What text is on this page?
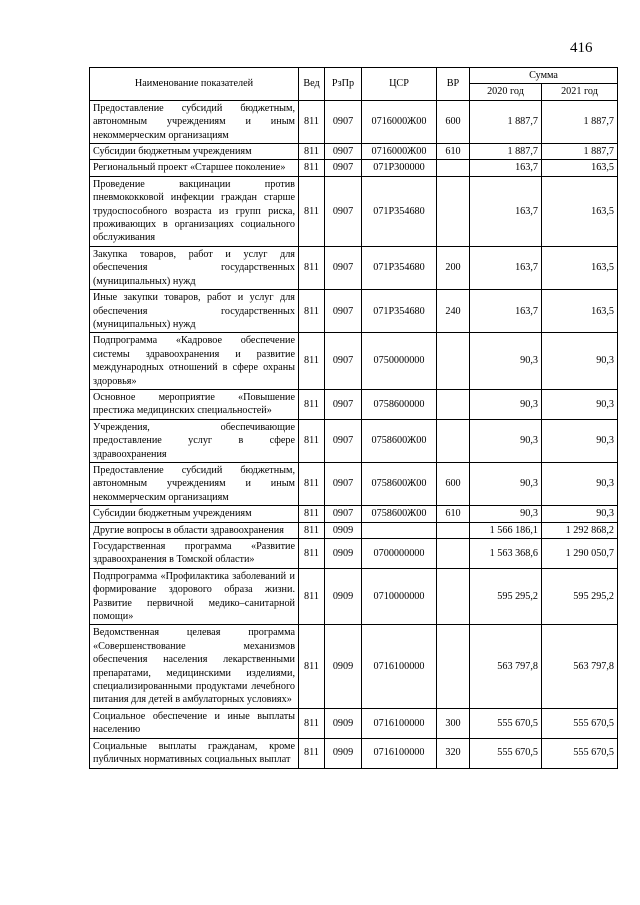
416
Наименование показателей	Вед	РзПр	ЦСР	ВР	Сумма	
					2020 год	2021 год
Предоставление субсидий бюджетным, автономным учреждениям и иным некоммерческим организациям	811	0907	0716000Ж00	600	1 887,7	1 887,7
Субсидии бюджетным учреждениям	811	0907	0716000Ж00	610	1 887,7	1 887,7
Региональный проект «Старшее поколение»	811	0907	071P300000		163,7	163,5
Проведение вакцинации против пневмококковой инфекции граждан старше трудоспособного возраста из групп риска, проживающих в организациях социального обслуживания	811	0907	071P354680		163,7	163,5
Закупка товаров, работ и услуг для обеспечения государственных (муниципальных) нужд	811	0907	071P354680	200	163,7	163,5
Иные закупки товаров, работ и услуг для обеспечения государственных (муниципальных) нужд	811	0907	071P354680	240	163,7	163,5
Подпрограмма «Кадровое обеспечение системы здравоохранения и развитие международных отношений в сфере охраны здоровья»	811	0907	0750000000		90,3	90,3
Основное мероприятие «Повышение престижа медицинских специальностей»	811	0907	0758600000		90,3	90,3
Учреждения, обеспечивающие предоставление услуг в сфере здравоохранения	811	0907	0758600Ж00		90,3	90,3
Предоставление субсидий бюджетным, автономным учреждениям и иным некоммерческим организациям	811	0907	0758600Ж00	600	90,3	90,3
Субсидии бюджетным учреждениям	811	0907	0758600Ж00	610	90,3	90,3
Другие вопросы в области здравоохранения	811	0909			1 566 186,1	1 292 868,2
Государственная программа «Развитие здравоохранения в Томской области»	811	0909	0700000000		1 563 368,6	1 290 050,7
Подпрограмма «Профилактика заболеваний и формирование здорового образа жизни. Развитие первичной медико–санитарной помощи»	811	0909	0710000000		595 295,2	595 295,2
Ведомственная целевая программа «Совершенствование механизмов обеспечения населения лекарственными препаратами, медицинскими изделиями, специализированными продуктами лечебного питания для детей в амбулаторных условиях»	811	0909	0716100000		563 797,8	563 797,8
Социальное обеспечение и иные выплаты населению	811	0909	0716100000	300	555 670,5	555 670,5
Социальные выплаты гражданам, кроме публичных нормативных социальных выплат	811	0909	0716100000	320	555 670,5	555 670,5
